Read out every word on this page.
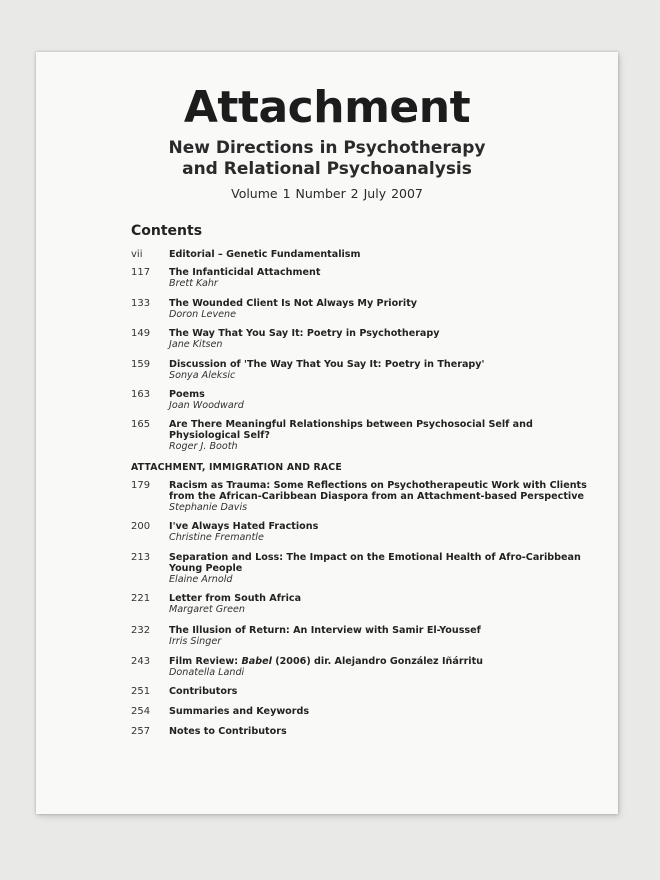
Attachment
New Directions in Psychotherapy
and Relational Psychoanalysis
Volume 1 Number 2 July 2007
Contents
vii	Editorial – Genetic Fundamentalism
117 The Infanticidal Attachment
Brett Kahr
133 The Wounded Client Is Not Always My Priority
Doron Levene
149 The Way That You Say It: Poetry in Psychotherapy
Jane Kitsen
159 Discussion of 'The Way That You Say It: Poetry in Therapy'
Sonya Aleksic
163 Poems
Joan Woodward
165 Are There Meaningful Relationships between Psychosocial Self and
Physiological Self?
Roger J. Booth
ATTACHMENT, IMMIGRATION AND RACE
179 Racism as Trauma: Some Reflections on Psychotherapeutic Work with Clients
from the African-Caribbean Diaspora from an Attachment-based Perspective
Stephanie Davis
200 I've Always Hated Fractions
Christine Fremantle
213 Separation and Loss: The Impact on the Emotional Health of Afro-Caribbean
Young People
Elaine Arnold
221 Letter from South Africa
Margaret Green
232 The Illusion of Return: An Interview with Samir El-Youssef
Irris Singer
243 Film Review: Babel (2006) dir. Alejandro González Iñárritu
Donatella Landi
251 Contributors
254 Summaries and Keywords
257 Notes to Contributors
